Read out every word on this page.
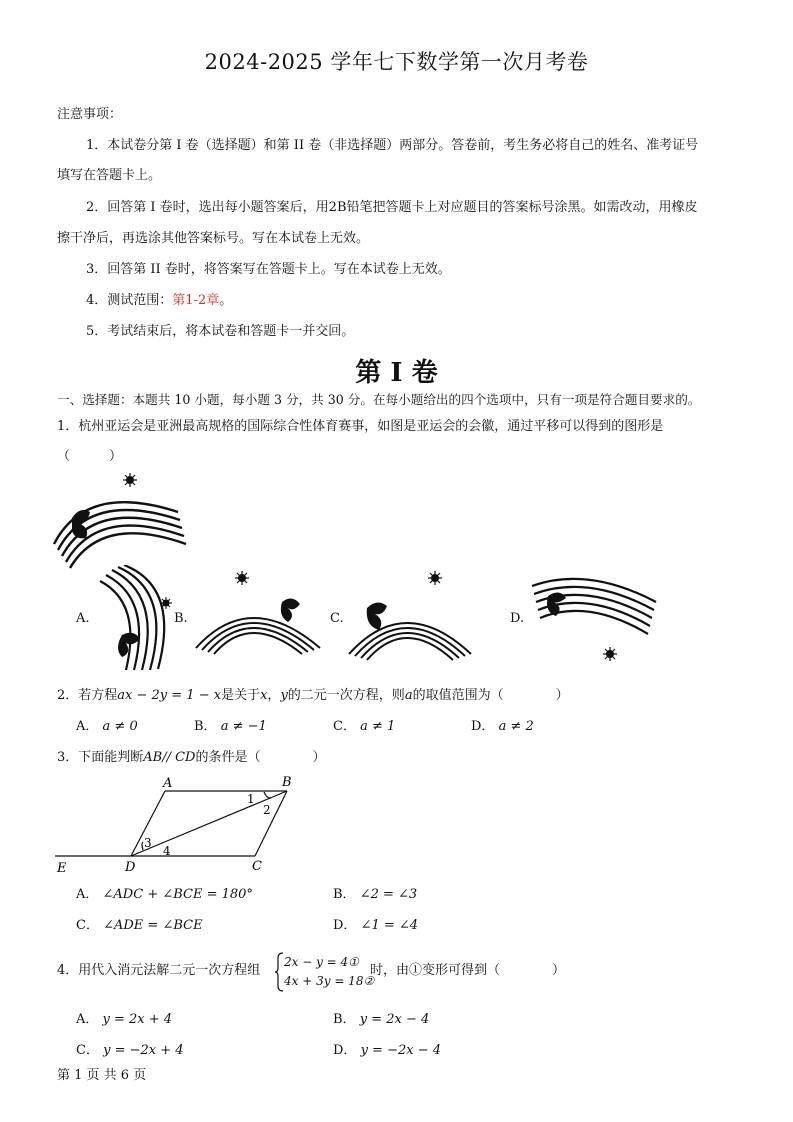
2024-2025 学年七下数学第一次月考卷
注意事项：
1．本试卷分第 I 卷（选择题）和第 II 卷（非选择题）两部分。答卷前，考生务必将自己的姓名、准考证号
填写在答题卡上。
2．回答第 I 卷时，选出每小题答案后，用2B铅笔把答题卡上对应题目的答案标号涂黑。如需改动，用橡皮
擦干净后，再选涂其他答案标号。写在本试卷上无效。
3．回答第 II 卷时，将答案写在答题卡上。写在本试卷上无效。
4．测试范围：第1-2章。
5．考试结束后，将本试卷和答题卡一并交回。
第 I 卷
一、选择题：本题共 10 小题，每小题 3 分，共 30 分。在每小题给出的四个选项中，只有一项是符合题目要求的。
1．杭州亚运会是亚洲最高规格的国际综合性体育赛事，如图是亚运会的会徽，通过平移可以得到的图形是
（　　　）
A.	B.	C.	D.
2．若方程ax − 2y = 1 − x是关于x，y的二元一次方程，则a的取值范围为（　　　　）
A． a ≠ 0	B． a ≠ −1	C． a ≠ 1	D． a ≠ 2
3．下面能判断AB// CD的条件是（　　　　）
A	B
C
D
E
1
2
3
4
A． ∠ADC + ∠BCE = 180°	B． ∠2 = ∠3
C． ∠ADE = ∠BCE	D． ∠1 = ∠4
4．用代入消元法解二元一次方程组
2x − y = 4①
4x + 3y = 18②
时，由①变形可得到（　　　　）
A． y = 2x + 4	B． y = 2x − 4
C． y = −2x + 4	D． y = −2x − 4
第 1 页 共 6 页
